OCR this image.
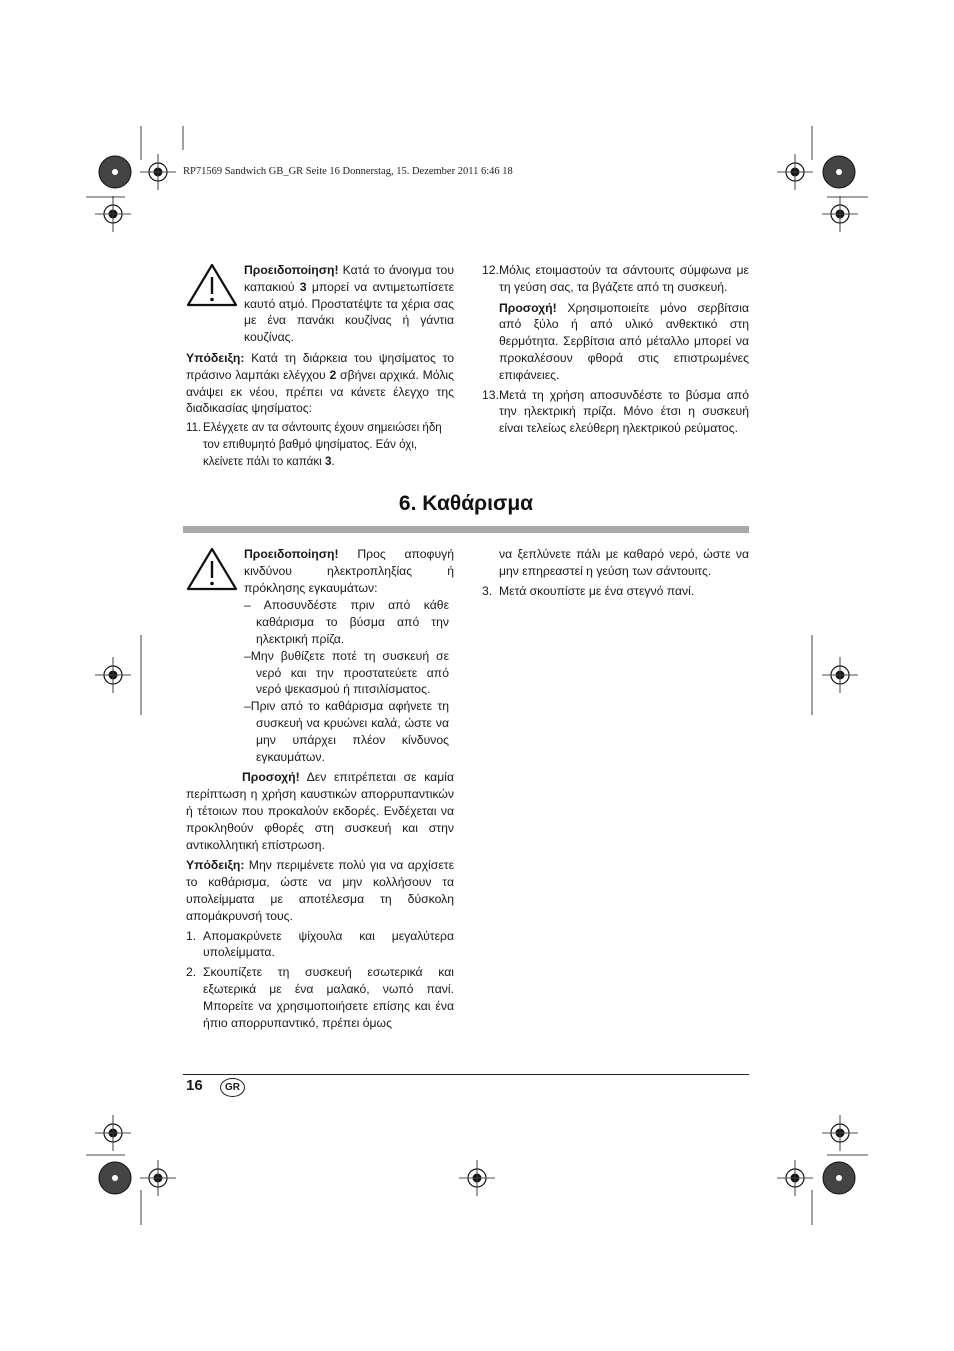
RP71569 Sandwich GB_GR Seite 16 Donnerstag, 15. Dezember 2011 6:46 18

Προειδοποίηση! Κατά το άνοιγμα του καπακιού 3 μπορεί να αντιμετωπίσετε καυτό ατμό. Προστατέψτε τα χέρια σας με ένα πανάκι κουζίνας ή γάντια κουζίνας.

Υπόδειξη: Κατά τη διάρκεια του ψησίματος το πράσινο λαμπάκι ελέγχου 2 σβήνει αρχικά. Μόλις ανάψει εκ νέου, πρέπει να κάνετε έλεγχο της διαδικασίας ψησίματος:

11. Ελέγχετε αν τα σάντουιτς έχουν σημειώσει ήδη τον επιθυμητό βαθμό ψησίματος. Εάν όχι, κλείνετε πάλι το καπάκι 3.
12. Μόλις ετοιμαστούν τα σάντουιτς σύμφωνα με τη γεύση σας, τα βγάζετε από τη συσκευή.

Προσοχή! Χρησιμοποιείτε μόνο σερβίτσια από ξύλο ή από υλικό ανθεκτικό στη θερμότητα. Σερβίτσια από μέταλλο μπορεί να προκαλέσουν φθορά στις επιστρωμένες επιφάνειες.

13. Μετά τη χρήση αποσυνδέστε το βύσμα από την ηλεκτρική πρίζα. Μόνο έτσι η συσκευή είναι τελείως ελεύθερη ηλεκτρικού ρεύματος.
6. Καθάρισμα

Προειδοποίηση! Προς αποφυγή κινδύνου ηλεκτροπληξίας ή πρόκλησης εγκαυμάτων:

– Αποσυνδέστε πριν από κάθε καθάρισμα το βύσμα από την ηλεκτρική πρίζα.

–Μην βυθίζετε ποτέ τη συσκευή σε νερό και την προστατεύετε από νερό ψεκασμού ή πιτσιλίσματος.

–Πριν από το καθάρισμα αφήνετε τη συσκευή να κρυώνει καλά, ώστε να μην υπάρχει πλέον κίνδυνος εγκαυμάτων.

Προσοχή! Δεν επιτρέπεται σε καμία περίπτωση η χρήση καυστικών απορρυπαντικών ή τέτοιων που προκαλούν εκδορές. Ενδέχεται να προκληθούν φθορές στη συσκευή και στην αντικολλητική επίστρωση.

Υπόδειξη: Μην περιμένετε πολύ για να αρχίσετε το καθάρισμα, ώστε να μην κολλήσουν τα υπολείμματα με αποτέλεσμα τη δύσκολη απομάκρυνσή τους.

1. Απομακρύνετε ψίχουλα και μεγαλύτερα υπολείμματα.
2. Σκουπίζετε τη συσκευή εσωτερικά και εξωτερικά με ένα μαλακό, νωπό πανί. Μπορείτε να χρησιμοποιήσετε επίσης και ένα ήπιο απορρυπαντικό, πρέπει όμως

να ξεπλύνετε πάλι με καθαρό νερό, ώστε να μην επηρεαστεί η γεύση των σάντουιτς.

3. Μετά σκουπίστε με ένα στεγνό πανί.
16	GR
